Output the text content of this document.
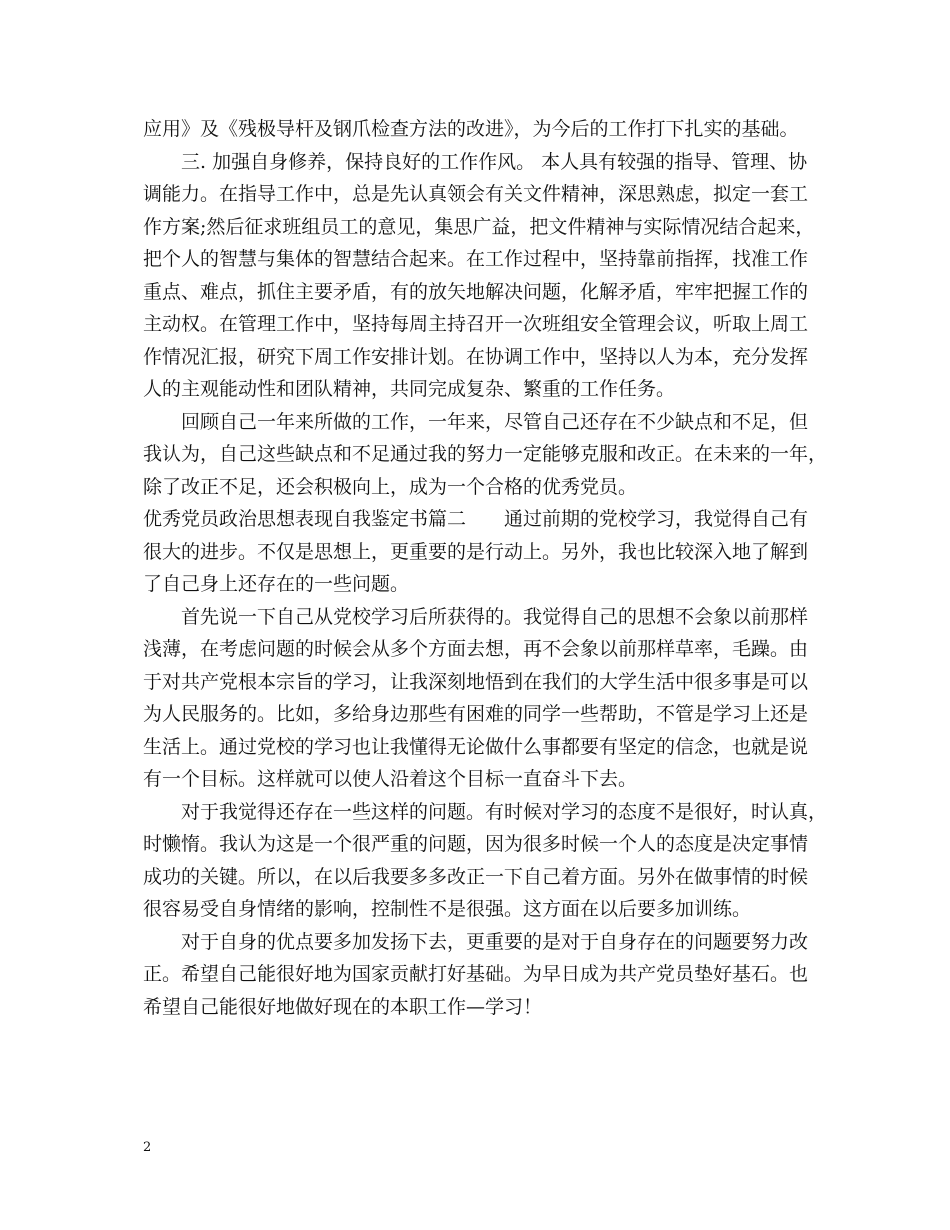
应用》及《残极导杆及钢爪检查方法的改进》，为今后的工作打下扎实的基础。
三. 加强自身修养，保持良好的工作作风。 本人具有较强的指导、管理、协
调能力。在指导工作中，总是先认真领会有关文件精神，深思熟虑，拟定一套工
作方案;然后征求班组员工的意见，集思广益，把文件精神与实际情况结合起来，
把个人的智慧与集体的智慧结合起来。在工作过程中，坚持靠前指挥，找准工作
重点、难点，抓住主要矛盾，有的放矢地解决问题，化解矛盾，牢牢把握工作的
主动权。在管理工作中，坚持每周主持召开一次班组安全管理会议，听取上周工
作情况汇报，研究下周工作安排计划。在协调工作中，坚持以人为本，充分发挥
人的主观能动性和团队精神，共同完成复杂、繁重的工作任务。
回顾自己一年来所做的工作，一年来，尽管自己还存在不少缺点和不足，但
我认为，自己这些缺点和不足通过我的努力一定能够克服和改正。在未来的一年，
除了改正不足，还会积极向上，成为一个合格的优秀党员。
优秀党员政治思想表现自我鉴定书篇二　　通过前期的党校学习，我觉得自己有
很大的进步。不仅是思想上，更重要的是行动上。另外，我也比较深入地了解到
了自己身上还存在的一些问题。
首先说一下自己从党校学习后所获得的。我觉得自己的思想不会象以前那样
浅薄，在考虑问题的时候会从多个方面去想，再不会象以前那样草率，毛躁。由
于对共产党根本宗旨的学习，让我深刻地悟到在我们的大学生活中很多事是可以
为人民服务的。比如，多给身边那些有困难的同学一些帮助，不管是学习上还是
生活上。通过党校的学习也让我懂得无论做什么事都要有坚定的信念，也就是说
有一个目标。这样就可以使人沿着这个目标一直奋斗下去。
对于我觉得还存在一些这样的问题。有时候对学习的态度不是很好，时认真，
时懒惰。我认为这是一个很严重的问题，因为很多时候一个人的态度是决定事情
成功的关键。所以，在以后我要多多改正一下自己着方面。另外在做事情的时候
很容易受自身情绪的影响，控制性不是很强。这方面在以后要多加训练。
对于自身的优点要多加发扬下去，更重要的是对于自身存在的问题要努力改
正。希望自己能很好地为国家贡献打好基础。为早日成为共产党员垫好基石。也
希望自己能很好地做好现在的本职工作—学习！
2
